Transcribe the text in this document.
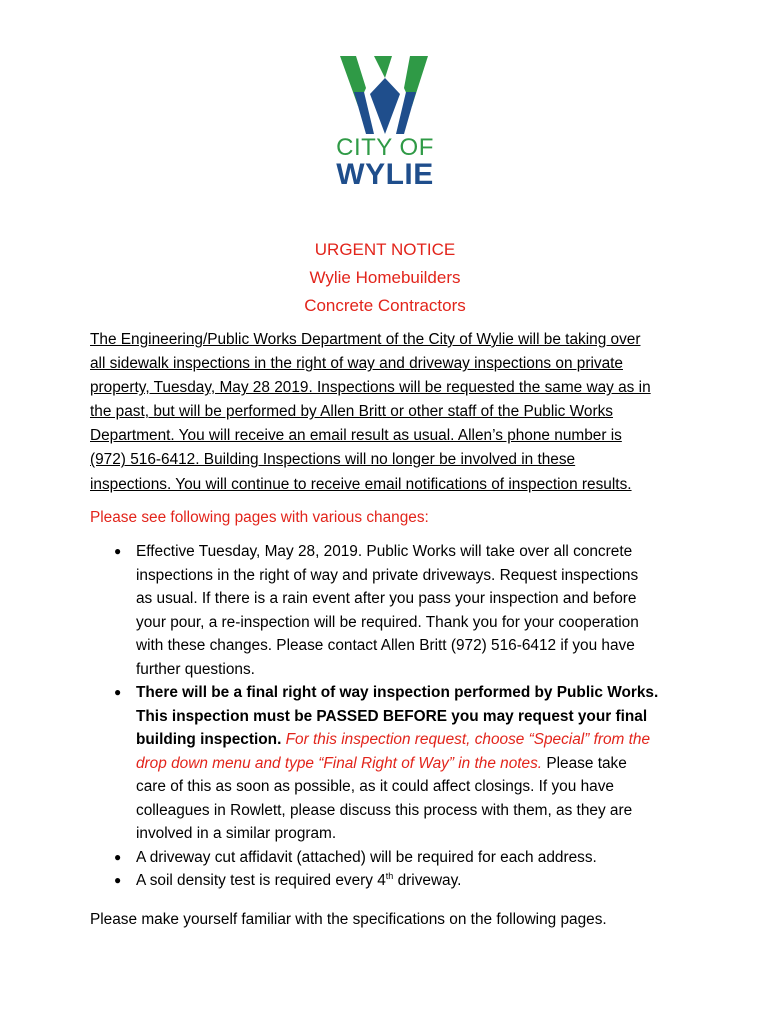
CITY OF
WYLIE
URGENT NOTICE
Wylie Homebuilders
Concrete Contractors
The Engineering/Public Works Department of the City of Wylie will be taking over
all sidewalk inspections in the right of way and driveway inspections on private
property, Tuesday, May 28 2019. Inspections will be requested the same way as in
the past, but will be performed by Allen Britt or other staff of the Public Works
Department. You will receive an email result as usual. Allen’s phone number is
(972) 516-6412. Building Inspections will no longer be involved in these
inspections. You will continue to receive email notifications of inspection results.
Please see following pages with various changes:
● Effective Tuesday, May 28, 2019. Public Works will take over all concrete
inspections in the right of way and private driveways. Request inspections
as usual. If there is a rain event after you pass your inspection and before
your pour, a re-inspection will be required. Thank you for your cooperation
with these changes. Please contact Allen Britt (972) 516-6412 if you have
further questions.
● There will be a final right of way inspection performed by Public Works.
This inspection must be PASSED BEFORE you may request your final
building inspection. For this inspection request, choose “Special” from the
drop down menu and type “Final Right of Way” in the notes. Please take
care of this as soon as possible, as it could affect closings. If you have
colleagues in Rowlett, please discuss this process with them, as they are
involved in a similar program.
● A driveway cut affidavit (attached) will be required for each address.
● A soil density test is required every 4th driveway.
Please make yourself familiar with the specifications on the following pages.
